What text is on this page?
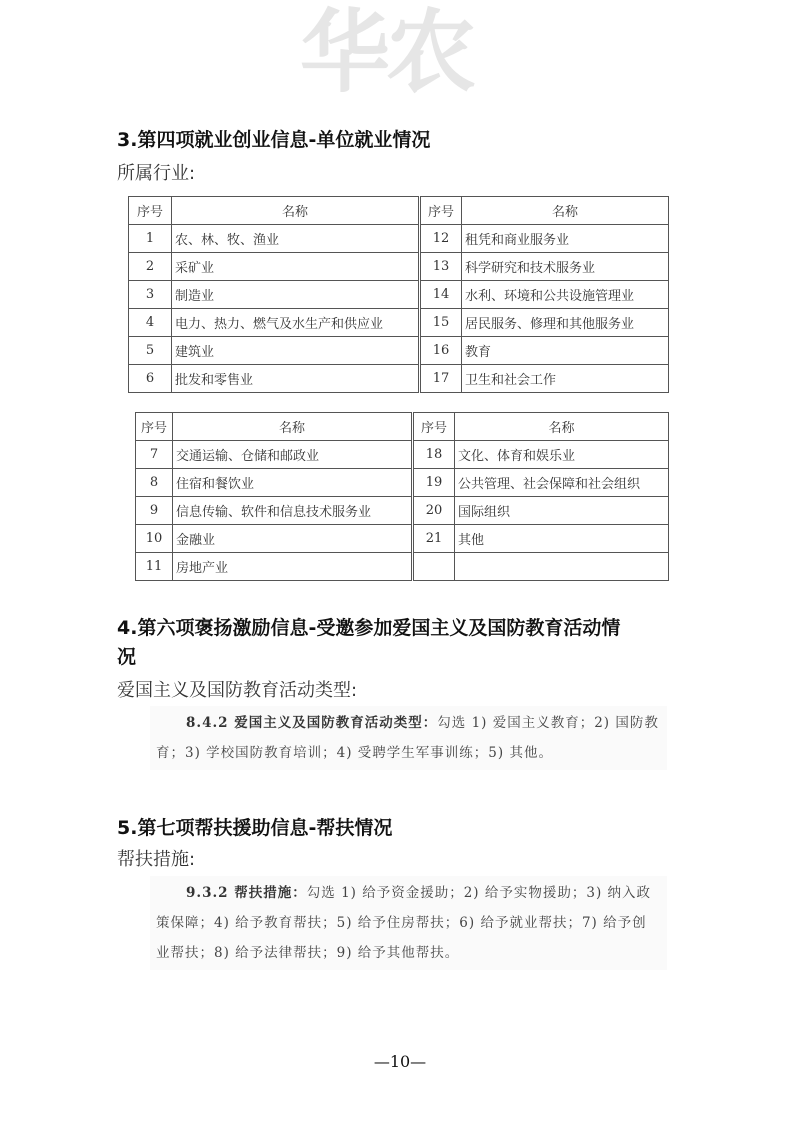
华农
3.第四项就业创业信息-单位就业情况
所属行业:
序号	名称	序号	名称
1	农、林、牧、渔业	12	租凭和商业服务业
2	采矿业	13	科学研究和技术服务业
3	制造业	14	水利、环境和公共设施管理业
4	电力、热力、燃气及水生产和供应业	15	居民服务、修理和其他服务业
5	建筑业	16	教育
6	批发和零售业	17	卫生和社会工作
序号	名称	序号	名称
7	交通运输、仓储和邮政业	18	文化、体育和娱乐业
8	住宿和餐饮业	19	公共管理、社会保障和社会组织
9	信息传输、软件和信息技术服务业	20	国际组织
10	金融业	21	其他
11	房地产业		
4.第六项褒扬激励信息-受邀参加爱国主义及国防教育活动情
况
爱国主义及国防教育活动类型:
8.4.2 爱国主义及国防教育活动类型：勾选 1) 爱国主义教育；2) 国防教育；3) 学校国防教育培训；4) 受聘学生军事训练；5) 其他。
5.第七项帮扶援助信息-帮扶情况
帮扶措施:
9.3.2 帮扶措施：勾选 1) 给予资金援助；2) 给予实物援助；3) 纳入政策保障；4) 给予教育帮扶；5) 给予住房帮扶；6) 给予就业帮扶；7) 给予创业帮扶；8) 给予法律帮扶；9) 给予其他帮扶。
—10—
